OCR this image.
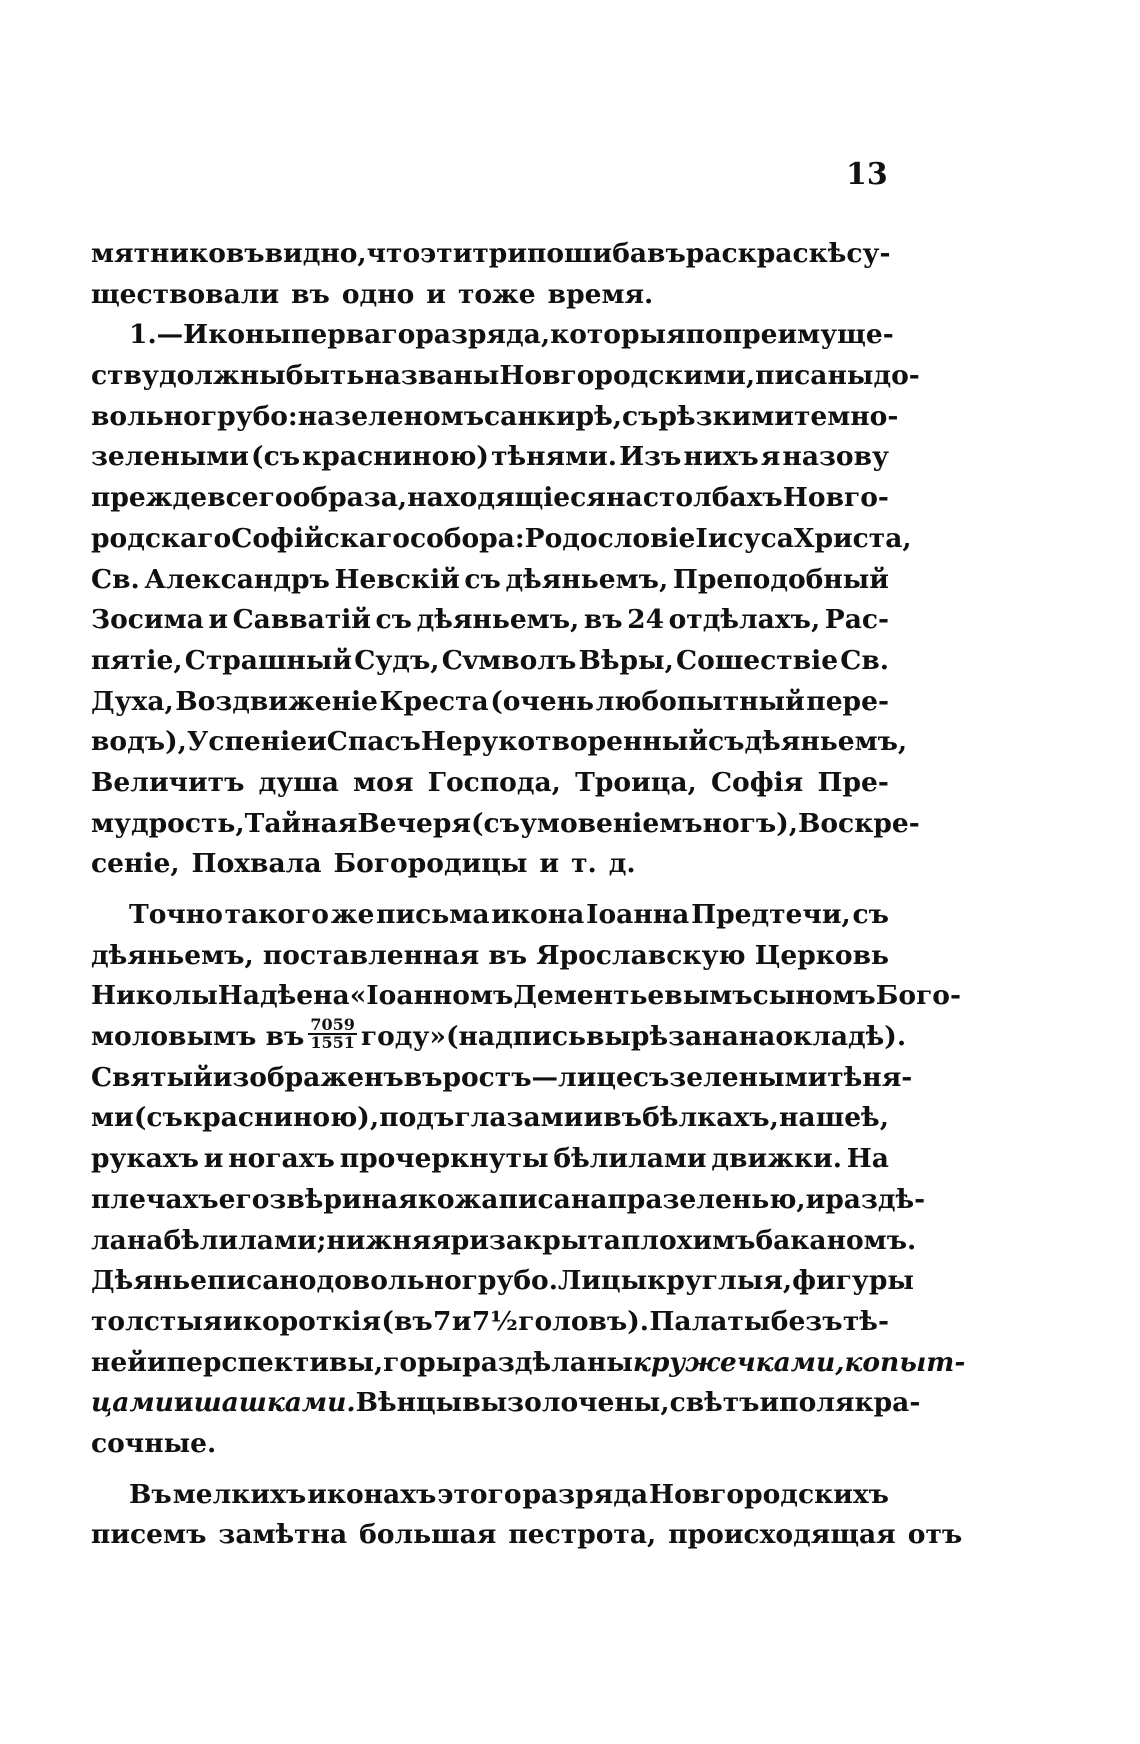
13
мятниковъ видно, что эти три пошиба въ раскраскѣ су-
ществовали въ одно и тоже время.
1.—Иконы перваго разряда, которыя по преимуще-
ству должны быть названы Новгородскими, писаны до-
вольно грубо: на зеленомъ санкирѣ, съ рѣзкими темно-
зелеными (съ красниною) тѣнями. Изъ нихъ я назову
прежде всего образа, находящіеся на столбахъ Новго-
родскаго Софійскаго собора: Родословіе Іисуса Христа,
Св. Александръ Невскій съ дѣяньемъ, Преподобный
Зосима и Савватій съ дѣяньемъ, въ 24 отдѣлахъ, Рас-
пятіе, Страшный Судъ, Сvмволъ Вѣры, Сошествіе Св.
Духа, Воздвиженіе Креста (очень любопытный пере-
водъ), Успеніе и Спасъ Нерукотворенный съ дѣяньемъ,
Величитъ душа моя Господа, Троица, Софія Пре-
мудрость, Тайная Вечеря (съ умовеніемъ ногъ), Воскре-
сеніе, Похвала Богородицы и т. д.
Точно такого же письма икона Іоанна Предтечи, съ
дѣяньемъ, поставленная въ Ярославскую Церковь
Николы Надѣена «Іоанномъ Дементьевымъ сыномъ Бого-
моловымъ въ $\frac{7059}{1551}$ году» (надпись вырѣзана на окладѣ).
Святый изображенъ въ ростъ—лице съ зелеными тѣня-
ми (съ красниною), подъ глазами и въ бѣлкахъ, на шеѣ,
рукахъ и ногахъ прочеркнуты бѣлилами движки. На
плечахъ его звѣриная кожа писана празеленью, и раздѣ-
лана бѣлилами; нижняя риза крыта плохимъ баканомъ.
Дѣянье писано довольно грубо. Лицы круглыя, фигуры
толстыя и короткія (въ 7 и 7½ головъ). Палаты безъ тѣ-
ней и перспективы, горы раздѣланы кружечками, копыт-
цами и шашками. Вѣнцы вызолочены, свѣтъ и поля кра-
сочные.
Въ мелкихъ иконахъ этого разряда Новгородскихъ
писемъ замѣтна большая пестрота, происходящая отъ
